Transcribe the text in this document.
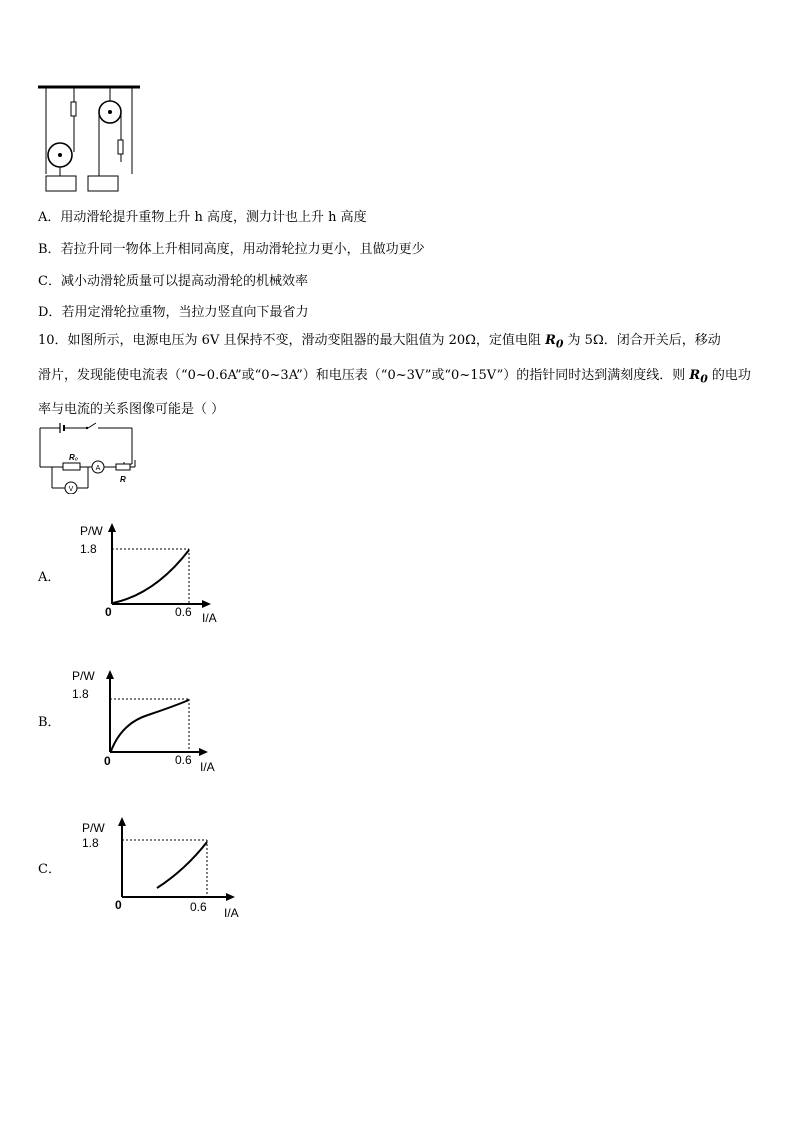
A．用动滑轮提升重物上升 h 高度，测力计也上升 h 高度
B．若拉升同一物体上升相同高度，用动滑轮拉力更小，且做功更少
C．减小动滑轮质量可以提高动滑轮的机械效率
D．若用定滑轮拉重物，当拉力竖直向下最省力
10．如图所示，电源电压为 6V 且保持不变，滑动变阻器的最大阻值为 20Ω，定值电阻 $R_0$ 为 5Ω．闭合开关后，移动
滑片，发现能使电流表（“0~0.6A”或“0~3A”）和电压表（“0~3V”或“0~15V”）的指针同时达到满刻度线．则 $R_0$ 的电功
率与电流的关系图像可能是（ ）
R₀
A
R
V
A．
P/W
1.8
0	0.6 I/A
B．
P/W
1.8
0	0.6 I/A
C．
P/W
1.8
0	0.6 I/A
